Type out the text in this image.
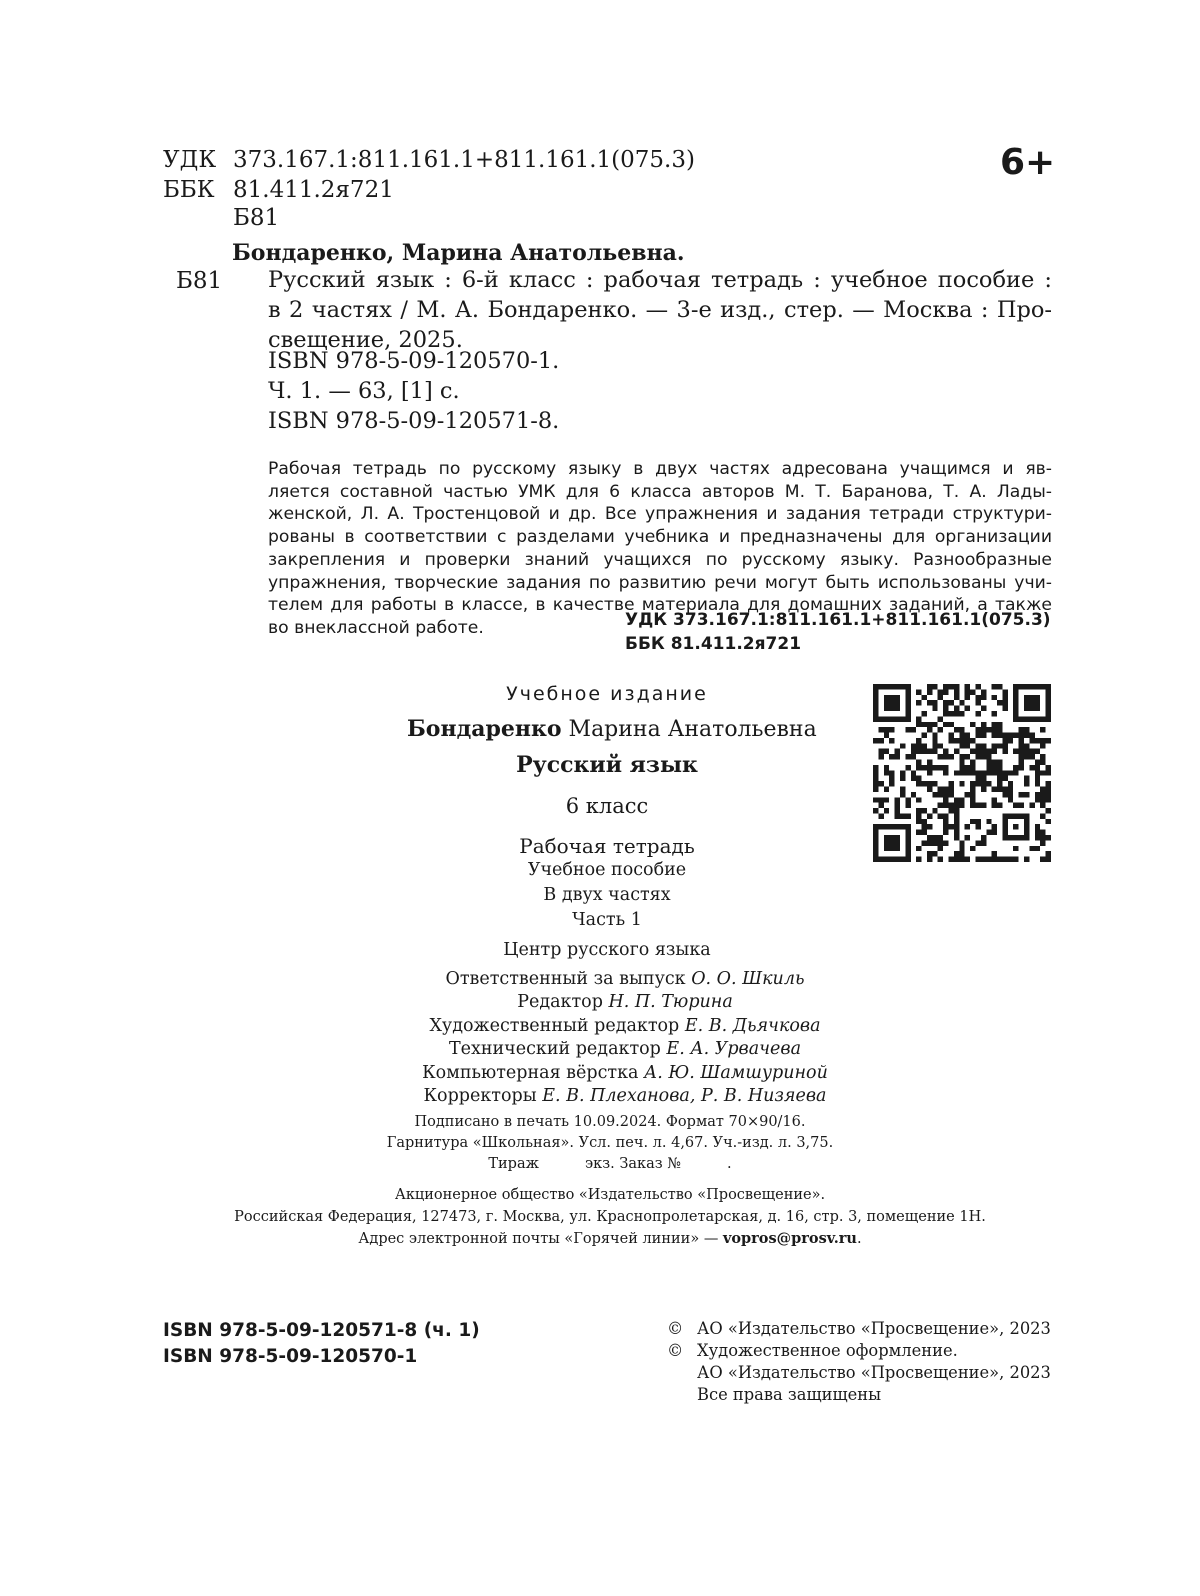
УДК 373.167.1:811.161.1+811.161.1(075.3)
ББК 81.411.2я721
Б81
6+
Бондаренко, Марина Анатольевна.
Б81 Русский язык : 6-й класс : рабочая тетрадь : учебное пособие :
в 2 частях / М. А. Бондаренко. — 3-е изд., стер. — Москва : Про-
свещение, 2025.
ISBN 978-5-09-120570-1.
Ч. 1. — 63, [1] с.
ISBN 978-5-09-120571-8.
Рабочая тетрадь по русскому языку в двух частях адресована учащимся и яв-
ляется составной частью УМК для 6 класса авторов М. Т. Баранова, Т. А. Лады-
женской, Л. А. Тростенцовой и др. Все упражнения и задания тетради структури-
рованы в соответствии с разделами учебника и предназначены для организации
закрепления и проверки знаний учащихся по русскому языку. Разнообразные
упражнения, творческие задания по развитию речи могут быть использованы учи-
телем для работы в классе, в качестве материала для домашних заданий, а также
во внеклассной работе.	УДК 373.167.1:811.161.1+811.161.1(075.3)
ББК 81.411.2я721
Учебное издание
Бондаренко Марина Анатольевна
Русский язык
6 класс
Рабочая тетрадь
Учебное пособие
В двух частях
Часть 1
Центр русского языка
Ответственный за выпуск О. О. Шкиль
Редактор Н. П. Тюрина
Художественный редактор Е. В. Дьячкова
Технический редактор Е. А. Урвачева
Компьютерная вёрстка А. Ю. Шамшуриной
Корректоры Е. В. Плеханова, Р. В. Низяева
Подписано в печать 10.09.2024. Формат 70×90/16.
Гарнитура «Школьная». Усл. печ. л. 4,67. Уч.-изд. л. 3,75.
Тираж          экз. Заказ №          .
Акционерное общество «Издательство «Просвещение».
Российская Федерация, 127473, г. Москва, ул. Краснопролетарская, д. 16, стр. 3, помещение 1Н.
Адрес электронной почты «Горячей линии» — vopros@prosv.ru.
ISBN 978-5-09-120571-8 (ч. 1)
ISBN 978-5-09-120570-1
© АО «Издательство «Просвещение», 2023
© Художественное оформление.
АО «Издательство «Просвещение», 2023
Все права защищены
